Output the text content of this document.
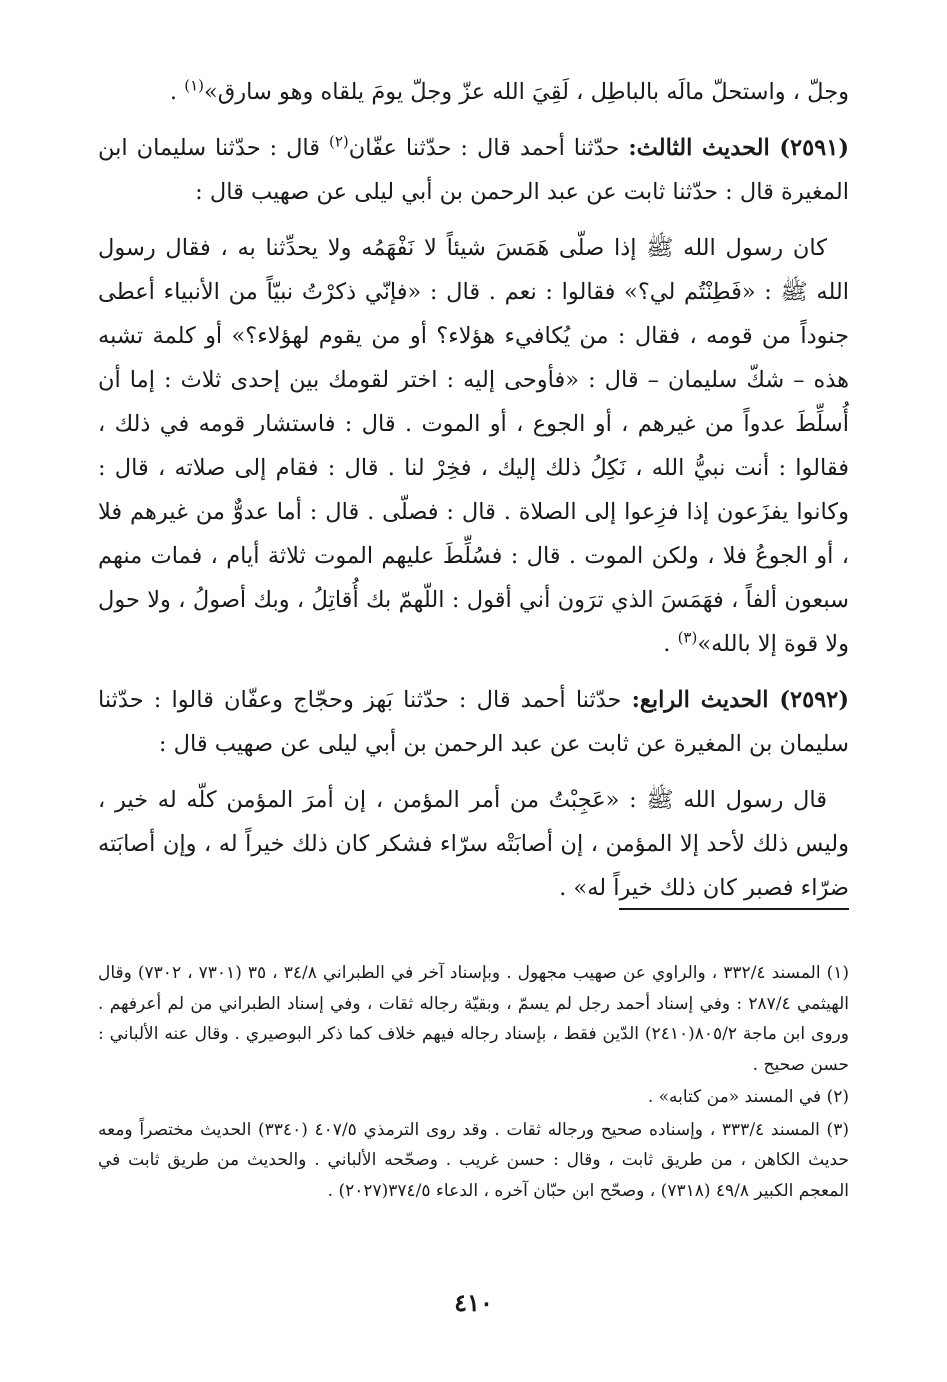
وجلّ ، واستحلّ مالَه بالباطِل ، لَقِيَ الله عزّ وجلّ يومَ يلقاه وهو سارق»$^{(١)}$ .

(٢٥٩١) الحديث الثالث: حدّثنا أحمد قال : حدّثنا عفّان$^{(٢)}$ قال : حدّثنا سليمان ابن المغيرة قال : حدّثنا ثابت عن عبد الرحمن بن أبي ليلى عن صهيب قال :

كان رسول الله ﷺ إذا صلّى هَمَسَ شيئاً لا نَفْهَمُه ولا يحدِّثنا به ، فقال رسول الله ﷺ : «فَطِنْتُم لي؟» فقالوا : نعم . قال : «فإنّي ذكرْتُ نبيّاً من الأنبياء أعطى جنوداً من قومه ، فقال : من يُكافيء هؤلاء؟ أو من يقوم لهؤلاء؟» أو كلمة تشبه هذه – شكّ سليمان – قال : «فأوحى إليه : اختر لقومك بين إحدى ثلاث : إما أن أُسلِّطَ عدواً من غيرهم ، أو الجوع ، أو الموت . قال : فاستشار قومه في ذلك ، فقالوا : أنت نبيُّ الله ، نَكِلُ ذلك إليك ، فخِرْ لنا . قال : فقام إلى صلاته ، قال : وكانوا يفزَعون إذا فزِعوا إلى الصلاة . قال : فصلّى . قال : أما عدوٌّ من غيرهم فلا ، أو الجوعُ فلا ، ولكن الموت . قال : فسُلِّطَ عليهم الموت ثلاثة أيام ، فمات منهم سبعون ألفاً ، فهَمَسَ الذي ترَون أني أقول : اللّهمّ بك أُقاتِلُ ، وبك أصولُ ، ولا حول ولا قوة إلا بالله»$^{(٣)}$ .

(٢٥٩٢) الحديث الرابع: حدّثنا أحمد قال : حدّثنا بَهز وحجّاج وعفّان قالوا : حدّثنا سليمان بن المغيرة عن ثابت عن عبد الرحمن بن أبي ليلى عن صهيب قال :

قال رسول الله ﷺ : «عَجِبْتُ من أمر المؤمن ، إن أمرَ المؤمن كلّه له خير ، وليس ذلك لأحد إلا المؤمن ، إن أصابَتْه سرّاء فشكر كان ذلك خيراً له ، وإن أصابَته ضرّاء فصبر كان ذلك خيراً له» .

(١) المسند ٣٣٢/٤ ، والراوي عن صهيب مجهول . وبإسناد آخر في الطبراني ٣٤/٨ ، ٣٥ (٧٣٠١ ، ٧٣٠٢) وقال الهيثمي ٢٨٧/٤ : وفي إسناد أحمد رجل لم يسمّ ، وبقيّة رجاله ثقات ، وفي إسناد الطبراني من لم أعرفهم . وروى ابن ماجة ٨٠٥/٢(٢٤١٠) الدّين فقط ، بإسناد رجاله فيهم خلاف كما ذكر البوصيري . وقال عنه الألباني : حسن صحيح .

(٢) في المسند «من كتابه» .

(٣) المسند ٣٣٣/٤ ، وإسناده صحيح ورجاله ثقات . وقد روى الترمذي ٤٠٧/٥ (٣٣٤٠) الحديث مختصراً ومعه حديث الكاهن ، من طريق ثابت ، وقال : حسن غريب . وصحّحه الألباني . والحديث من طريق ثابت في المعجم الكبير ٤٩/٨ (٧٣١٨) ، وصحّح ابن حبّان آخره ، الدعاء ٣٧٤/٥(٢٠٢٧) .

٤١٠
